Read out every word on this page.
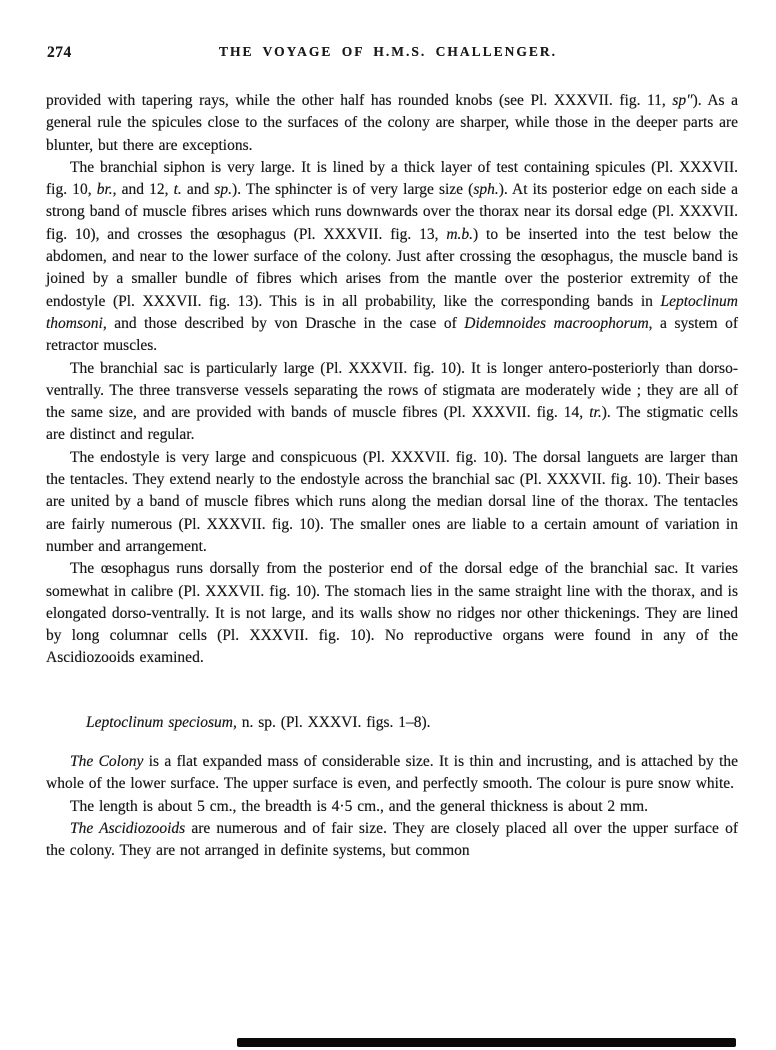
274	THE VOYAGE OF H.M.S. CHALLENGER.

provided with tapering rays, while the other half has rounded knobs (see Pl. XXXVII. fig. 11, sp″). As a general rule the spicules close to the surfaces of the colony are sharper, while those in the deeper parts are blunter, but there are exceptions.

The branchial siphon is very large. It is lined by a thick layer of test containing spicules (Pl. XXXVII. fig. 10, br., and 12, t. and sp.). The sphincter is of very large size (sph.). At its posterior edge on each side a strong band of muscle fibres arises which runs downwards over the thorax near its dorsal edge (Pl. XXXVII. fig. 10), and crosses the œsophagus (Pl. XXXVII. fig. 13, m.b.) to be inserted into the test below the abdomen, and near to the lower surface of the colony. Just after crossing the œsophagus, the muscle band is joined by a smaller bundle of fibres which arises from the mantle over the posterior extremity of the endostyle (Pl. XXXVII. fig. 13). This is in all probability, like the corresponding bands in Leptoclinum thomsoni, and those described by von Drasche in the case of Didemnoides macroophorum, a system of retractor muscles.

The branchial sac is particularly large (Pl. XXXVII. fig. 10). It is longer antero-posteriorly than dorso-ventrally. The three transverse vessels separating the rows of stigmata are moderately wide ; they are all of the same size, and are provided with bands of muscle fibres (Pl. XXXVII. fig. 14, tr.). The stigmatic cells are distinct and regular.

The endostyle is very large and conspicuous (Pl. XXXVII. fig. 10). The dorsal languets are larger than the tentacles. They extend nearly to the endostyle across the branchial sac (Pl. XXXVII. fig. 10). Their bases are united by a band of muscle fibres which runs along the median dorsal line of the thorax. The tentacles are fairly numerous (Pl. XXXVII. fig. 10). The smaller ones are liable to a certain amount of variation in number and arrangement.

The œsophagus runs dorsally from the posterior end of the dorsal edge of the branchial sac. It varies somewhat in calibre (Pl. XXXVII. fig. 10). The stomach lies in the same straight line with the thorax, and is elongated dorso-ventrally. It is not large, and its walls show no ridges nor other thickenings. They are lined by long columnar cells (Pl. XXXVII. fig. 10). No reproductive organs were found in any of the Ascidiozooids examined.

Leptoclinum speciosum, n. sp. (Pl. XXXVI. figs. 1–8).

The Colony is a flat expanded mass of considerable size. It is thin and incrusting, and is attached by the whole of the lower surface. The upper surface is even, and perfectly smooth. The colour is pure snow white.

The length is about 5 cm., the breadth is 4·5 cm., and the general thickness is about 2 mm.

The Ascidiozooids are numerous and of fair size. They are closely placed all over the upper surface of the colony. They are not arranged in definite systems, but common
